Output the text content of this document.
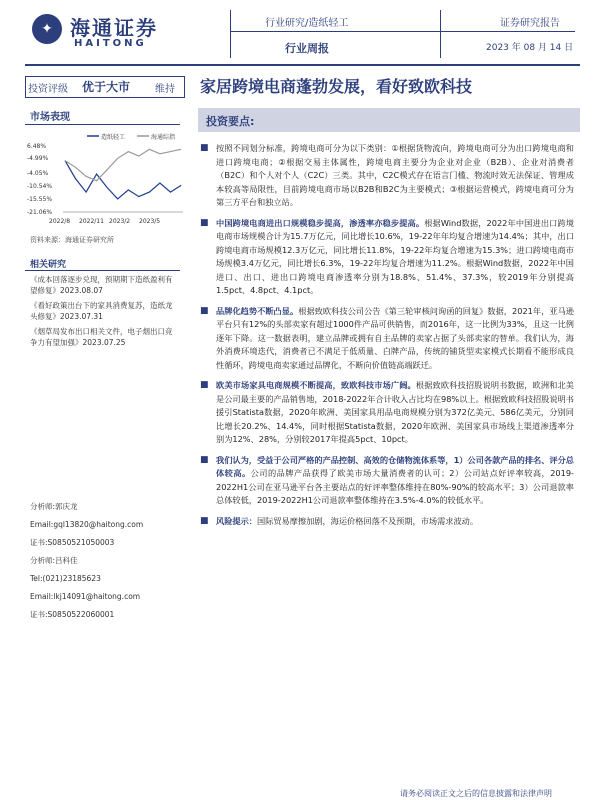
✦ 海通证券
HAITONG
行业研究/造纸轻工
行业周报
证券研究报告
2023 年 08 月 14 日
投资评级 优于大市 维持 家居跨境电商蓬勃发展，看好致欧科技
市场表现
造纸轻工	海通综指
6.48%
-4.99%
-4.05%
-10.54%
-15.55%
-21.06%
2022/8 2022/11 2023/2 2023/5
资料来源：海通证券研究所
相关研究
《成本回落逐步兑现，预期期下造纸盈利有望修复》2023.08.07
《看好政策出台下的家具消费复苏，造纸龙头修复》2023.07.31
《烟草局发布出口相关文件，电子烟出口竞争力有望加强》2023.07.25
分析师:郭庆龙
Email:gql13820@haitong.com
证书:S0850521050003
分析师:吕科佳
Tel:(021)23185623
Email:lkj14091@haitong.com
证书:S0850522060001
投资要点:
■ 按照不同划分标准，跨境电商可分为以下类别：①根据货物流向，跨境电商可分为出口跨境电商和进口跨境电商；②根据交易主体属性，跨境电商主要分为企业对企业（B2B）、企业对消费者（B2C）和个人对个人（C2C）三类。其中，C2C模式存在语言门槛、物流时效无法保证、管理成本较高等局限性，目前跨境电商市场以B2B和B2C为主要模式；③根据运营模式，跨境电商可分为第三方平台和独立站。
■ 中国跨境电商进出口规模稳步提高，渗透率亦稳步提高。根据Wind数据，2022年中国进出口跨境电商市场规模合计为15.7万亿元，同比增长10.6%，19-22年年均复合增速为14.4%；其中，出口跨境电商市场规模12.3万亿元，同比增长11.8%，19-22年均复合增速为15.3%；进口跨境电商市场规模3.4万亿元，同比增长6.3%，19-22年均复合增速为11.2%。根据Wind数据，2022年中国进口、出口、进出口跨境电商渗透率分别为18.8%、51.4%、37.3%，较2019年分别提高1.5pct、4.8pct、4.1pct。
■ 品牌化趋势不断凸显。根据致欧科技公司公告《第三轮审核问询函的回复》数据，2021年，亚马逊平台只有12%的头部卖家有超过1000件产品可供销售，而2016年，这一比例为33%，且这一比例逐年下降。这一数据表明，建立品牌或拥有自主品牌的卖家占据了头部卖家的替单。我们认为，海外消费环境迭代，消费者已不满足于低质量、白牌产品，传统的铺货型卖家模式长期看不能形成良性循环，跨境电商卖家通过品牌化，不断向价值链高端跃迁。
■ 欧美市场家具电商规模不断提高，致欧科技市场广阔。根据致欧科技招股说明书数据，欧洲和北美是公司最主要的产品销售地，2018-2022年合计收入占比均在98%以上。根据致欧科技招股说明书援引Statista数据，2020年欧洲、美国家具用品电商规模分别为372亿美元、586亿美元，分别同比增长20.2%、14.4%，同时根据Statista数据，2020年欧洲、美国家具市场线上渠道渗透率分别为12%、28%，分别较2017年提高5pct、10pct。
■ 我们认为，受益于公司严格的产品控制、高效的仓储物流体系等，1）公司各款产品的排名、评分总体较高。公司的品牌产品获得了欧美市场大量消费者的认可；2）公司站点好评率较高，2019-2022H1公司在亚马逊平台各主要站点的好评率整体维持在80%-90%的较高水平；3）公司退款率总体较低，2019-2022H1公司退款率整体维持在3.5%-4.0%的较低水平。
■ 风险提示：国际贸易摩擦加剧，海运价格回落不及预期，市场需求波动。
请务必阅读正文之后的信息披露和法律声明
